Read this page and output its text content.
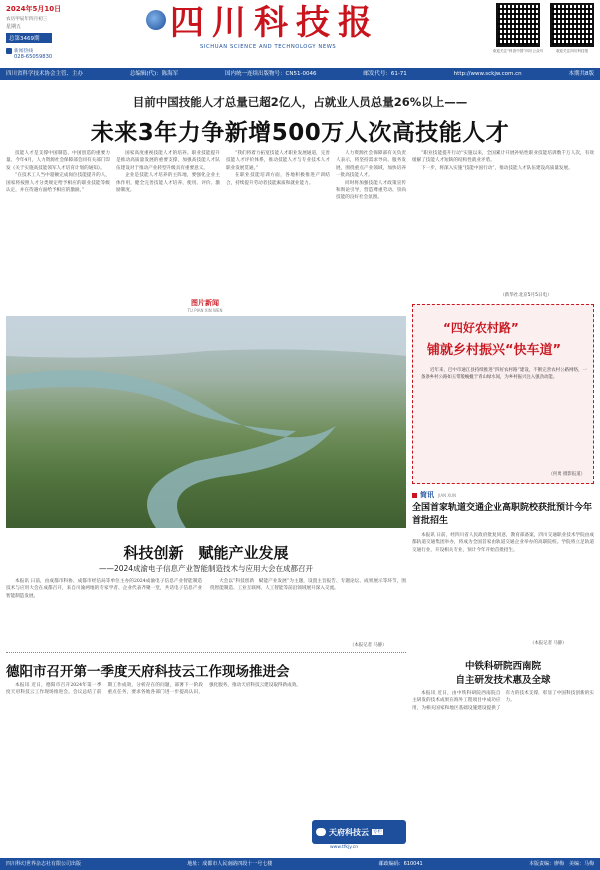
2024年5月10日
农历甲辰年四月初三
星期五
总第3469期
新闻热线
028-65059830
四川科技报
SICHUAN SCIENCE AND TECHNOLOGY NEWS
欢迎关注“科普中国”四川公众号	欢迎关注四川科技报
四川省科学技术协会主管、主办	总编辑(代)：陈海军	国内统一连续出版物号：CN51-0046	邮发代号：61-71	http://www.sckjw.com.cn	本期共8版
目前中国技能人才总量已超2亿人，占就业人员总量26%以上——
未来3年力争新增500万人次高技能人才

技能人才是支撑中国制造、中国创造的重要力量。今年4月，人力资源社会保障部会同有关部门印发《关于实施高技能领军人才培育计划的通知》。

“在技术工人当中超额完成岗位技能提升的人，国家将按照人才分类规定给予相应的职业技能等级认定，并在待遇方面给予相应的激励。”

国家高度重视技能人才的培养。职业技能提升是推动高质量发展的重要支撑，加强高技能人才队伍建设对于推动产业转型升级具有重要意义。

企业是技能人才培养的主阵地，要强化企业主体作用，健全完善技能人才培养、使用、评价、激励制度。

“我们将着力拓宽技能人才职业发展通道，完善技能人才评价体系，推动技能人才与专业技术人才职业发展贯通。”

在职业技能培训方面，各地积极推进产训结合，持续提升劳动者技能素质和就业能力。

人力资源社会保障部有关负责人表示，将坚持需求导向、服务发展，围绕重点产业领域，加快培养一批高技能人才。

同时将加强技能人才政策宣传和舆论引导，营造尊重劳动、崇尚技能的良好社会氛围。

“职业技能提升行动”实施以来，全国累计开展补贴性职业技能培训数千万人次，有效缓解了技能人才短缺的结构性就业矛盾。

下一步，将深入实施“技能中国行动”，推动技能人才队伍建设高质量发展。

（新华社北京5月5日电）
图片新闻
TU PIAN XIN WEN
“四好农村路”
铺就乡村振兴“快车道”

近年来，巴中市通江县持续推进“四好农村路”建设，不断完善农村公路网络，一条条乡村公路如玉带般蜿蜒于青山绿水间，为乡村振兴注入强劲动能。

（何勇 摄影报道）
简讯 JIAN XUN
全国首家轨道交通企业高职院校获批预计今年首批招生

本报讯 日前，经四川省人民政府批复同意，教育部备案，四川交通职业技术学院由成都轨道交通集团举办，将成为全国首家由轨道交通企业举办的高职院校。学院将立足轨道交通行业，开设相关专业，预计今年开始首批招生。

（本报记者 马静）
科技创新　赋能产业发展
——2024成渝电子信息产业智能制造技术与应用大会在成都召开

本报讯 日前，由成都市科协、成都市经信局等单位主办的2024成渝电子信息产业智能制造技术与应用大会在成都召开，来自川渝两地的专家学者、企业代表齐聚一堂，共话电子信息产业智能制造发展。

大会以“科技创新　赋能产业发展”为主题，设置主旨报告、专题论坛、成果展示等环节，围绕智能制造、工业互联网、人工智能等前沿领域展开深入交流。

（本报记者 马静）
德阳市召开第一季度天府科技云工作现场推进会

本报讯 近日，德阳市召开2024年第一季度天府科技云工作现场推进会。会议总结了前期工作成效，分析存在的问题，部署下一阶段重点任务，要求各地各部门进一步提高认识，强化服务，推动天府科技云建设取得新成效。

天府科技云 专栏
www.tfkjy.cn
中铁科研院西南院
自主研发技术惠及全球

本报讯 近日，由中铁科研院西南院自主研发的技术成果在海外工程项目中成功应用，为相关国家和地区基础设施建设提供了有力的技术支撑，彰显了中国科技创新的实力。

四川科幻世界杂志社有限公司出版	地址：成都市人民南路四段十一号七楼	邮政编码：610041	本版责编：廖梅　美编：马梅
